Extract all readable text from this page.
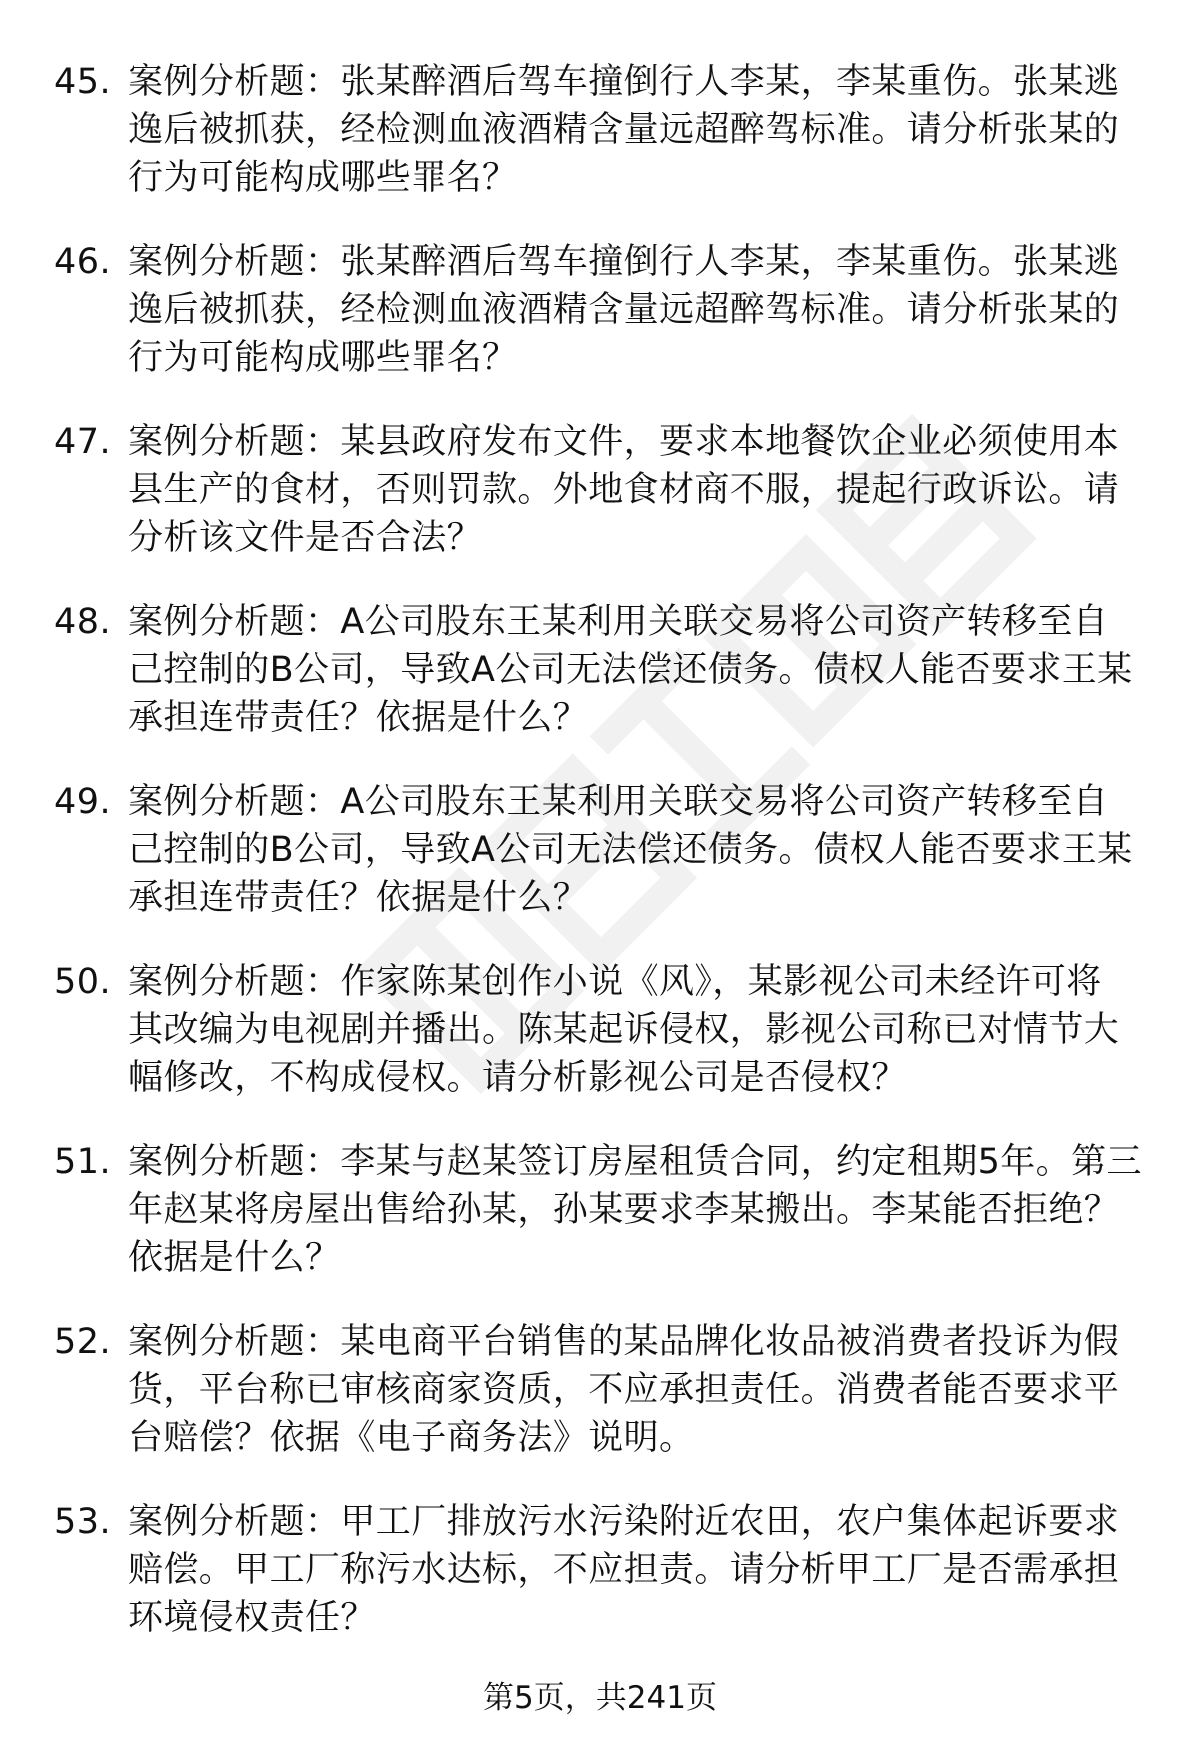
45. 案例分析题：张某醉酒后驾车撞倒行人李某，李某重伤。张某逃
逸后被抓获，经检测血液酒精含量远超醉驾标准。请分析张某的
行为可能构成哪些罪名？
46. 案例分析题：张某醉酒后驾车撞倒行人李某，李某重伤。张某逃
逸后被抓获，经检测血液酒精含量远超醉驾标准。请分析张某的
行为可能构成哪些罪名？
47. 案例分析题：某县政府发布文件，要求本地餐饮企业必须使用本
县生产的食材，否则罚款。外地食材商不服，提起行政诉讼。请
分析该文件是否合法？
48. 案例分析题：A公司股东王某利用关联交易将公司资产转移至自
己控制的B公司，导致A公司无法偿还债务。债权人能否要求王某
承担连带责任？依据是什么？
49. 案例分析题：A公司股东王某利用关联交易将公司资产转移至自
己控制的B公司，导致A公司无法偿还债务。债权人能否要求王某
承担连带责任？依据是什么？
50. 案例分析题：作家陈某创作小说《风》，某影视公司未经许可将
其改编为电视剧并播出。陈某起诉侵权，影视公司称已对情节大
幅修改，不构成侵权。请分析影视公司是否侵权？
51. 案例分析题：李某与赵某签订房屋租赁合同，约定租期5年。第三
年赵某将房屋出售给孙某，孙某要求李某搬出。李某能否拒绝？
依据是什么？
52. 案例分析题：某电商平台销售的某品牌化妆品被消费者投诉为假
货，平台称已审核商家资质，不应承担责任。消费者能否要求平
台赔偿？依据《电子商务法》说明。
53. 案例分析题：甲工厂排放污水污染附近农田，农户集体起诉要求
赔偿。甲工厂称污水达标，不应担责。请分析甲工厂是否需承担
环境侵权责任？
第5页，共241页
